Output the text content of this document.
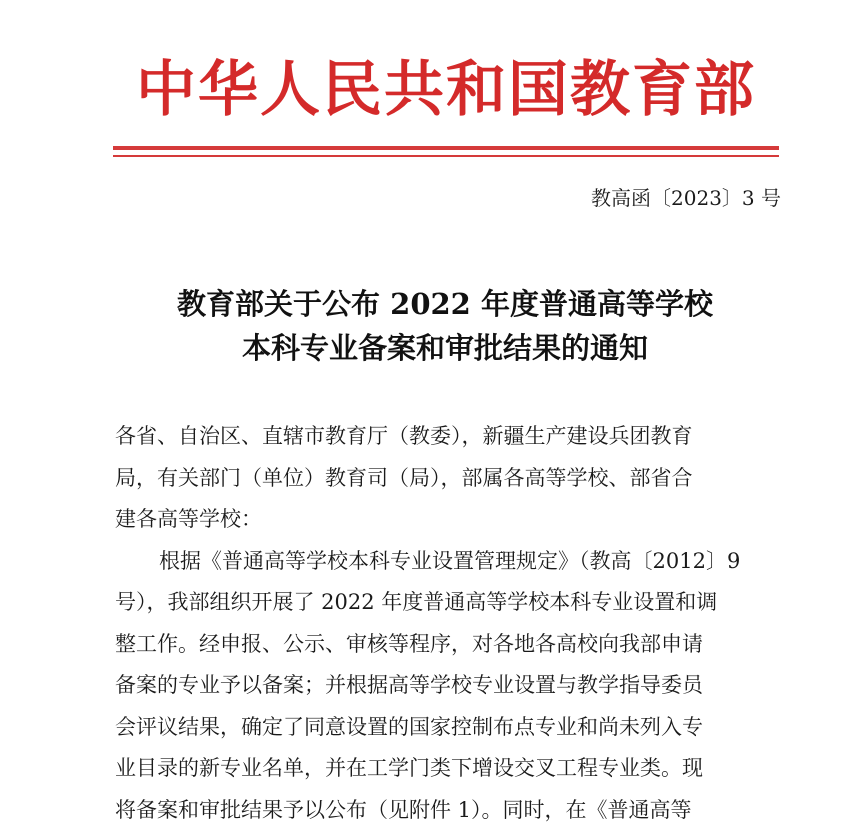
中华人民共和国教育部
教高函〔2023〕3 号
教育部关于公布 2022 年度普通高等学校
本科专业备案和审批结果的通知
各省、自治区、直辖市教育厅（教委），新疆生产建设兵团教育
局，有关部门（单位）教育司（局），部属各高等学校、部省合
建各高等学校：
根据《普通高等学校本科专业设置管理规定》（教高〔2012〕9
号），我部组织开展了 2022 年度普通高等学校本科专业设置和调
整工作。经申报、公示、审核等程序，对各地各高校向我部申请
备案的专业予以备案；并根据高等学校专业设置与教学指导委员
会评议结果，确定了同意设置的国家控制布点专业和尚未列入专
业目录的新专业名单，并在工学门类下增设交叉工程专业类。现
将备案和审批结果予以公布（见附件 1）。同时，在《普通高等
